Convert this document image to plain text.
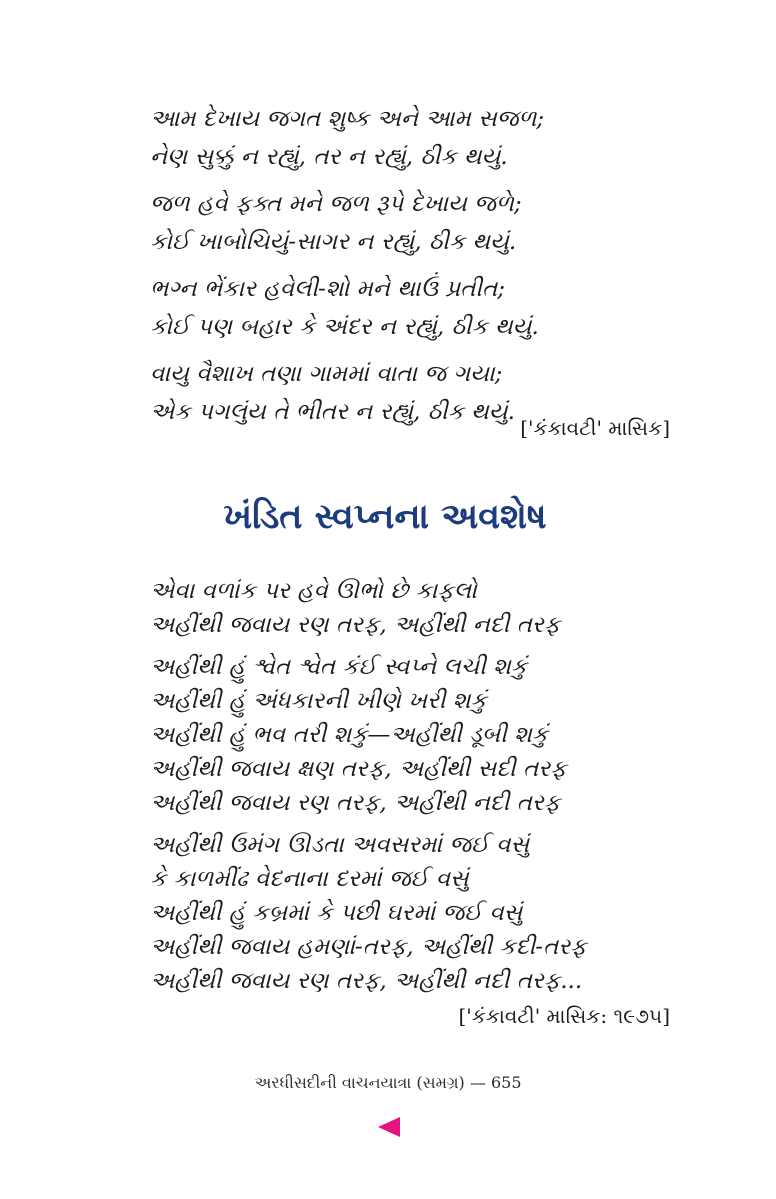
આમ દેખાય જગત શુષ્ક અને આમ સજળ;
નેણ સુક્કું ન રહ્યું, તર ન રહ્યું, ઠીક થયું.
જળ હવે ફક્ત મને જળ રૂપે દેખાય જળે;
કોઈ ખાબોચિયું-સાગર ન રહ્યું, ઠીક થયું.
ભગ્ન ભેંકાર હવેલી-શો મને થાઉં પ્રતીત;
કોઈ પણ બહાર કે અંદર ન રહ્યું, ઠીક થયું.
વાયુ વૈશાખ તણા ગામમાં વાતા જ ગયા;
એક પગલુંય તે ભીતર ન રહ્યું, ઠીક થયું.
['કંકાવટી' માસિક]
ખંડિત સ્વપ્નના અવશેષ
એવા વળાંક પર હવે ઊભો છે કાફલો
અહીંથી જવાય રણ તરફ, અહીંથી નદી તરફ
અહીંથી હું શ્વેત શ્વેત કંઈ સ્વપ્ને લચી શકું
અહીંથી હું અંધકારની ખીણે ખરી શકું
અહીંથી હું ભવ તરી શકું—અહીંથી ડૂબી શકું
અહીંથી જવાય ક્ષણ તરફ, અહીંથી સદી તરફ
અહીંથી જવાય રણ તરફ, અહીંથી નદી તરફ
અહીંથી ઉમંગ ઊડતા અવસરમાં જઈ વસું
કે કાળમીંઢ વેદનાના દરમાં જઈ વસું
અહીંથી હું કબ્રમાં કે પછી ઘરમાં જઈ વસું
અહીંથી જવાય હમણાં-તરફ, અહીંથી કદી-તરફ
અહીંથી જવાય રણ તરફ, અહીંથી નદી તરફ...
['કંકાવટી' માસિક: ૧૯૭૫]
અરધીસદીની વાચનયાત્રા (સમગ્ર) — 655
